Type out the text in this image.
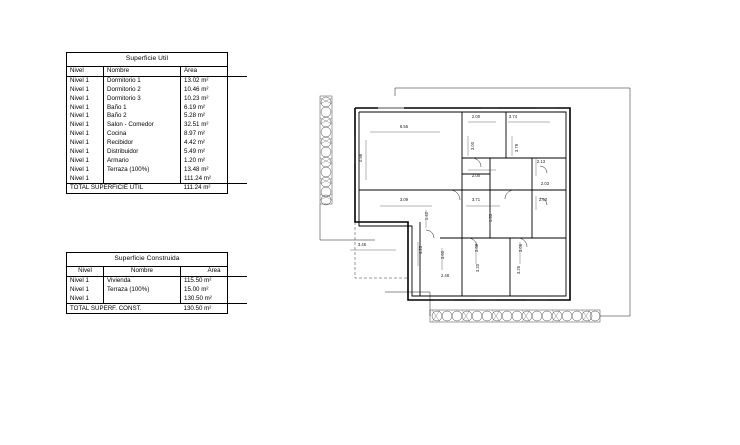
Superficie Util
Nivel	Nombre	Área
Nivel 1	Dormitorio 1	13.02 m²
Nivel 1	Dormitorio 2	10.46 m²
Nivel 1	Dormitorio 3	10.23 m²
Nivel 1	Baño 1	6.19 m²
Nivel 1	Baño 2	5.28 m²
Nivel 1	Salon - Comedor	32.51 m²
Nivel 1	Cocina	8.97 m²
Nivel 1	Recibidor	4.42 m²
Nivel 1	Distribuidor	5.49 m²
Nivel 1	Armario	1.20 m²
Nivel 1	Terraza (100%)	13.48 m²
Nivel 1		111.24 m²
TOTAL SUPERFICIE UTIL		111.24 m²
Superficie Construida
Nivel	Nombre	Área
Nivel 1	Vivienda	115.50 m²
Nivel 1	Terraza (100%)	15.00 m²
Nivel 1		130.50 m²
TOTAL SUPERF. CONST.		130.50 m²
6.55
2.00	3.74
4.98
3.00	3.79
2.13
2.00
2.03
3.09	3.71	2.60
1.42	1.53
3.46
4.23
3.60
3.60	3.06
3.20
2.48
3.25
